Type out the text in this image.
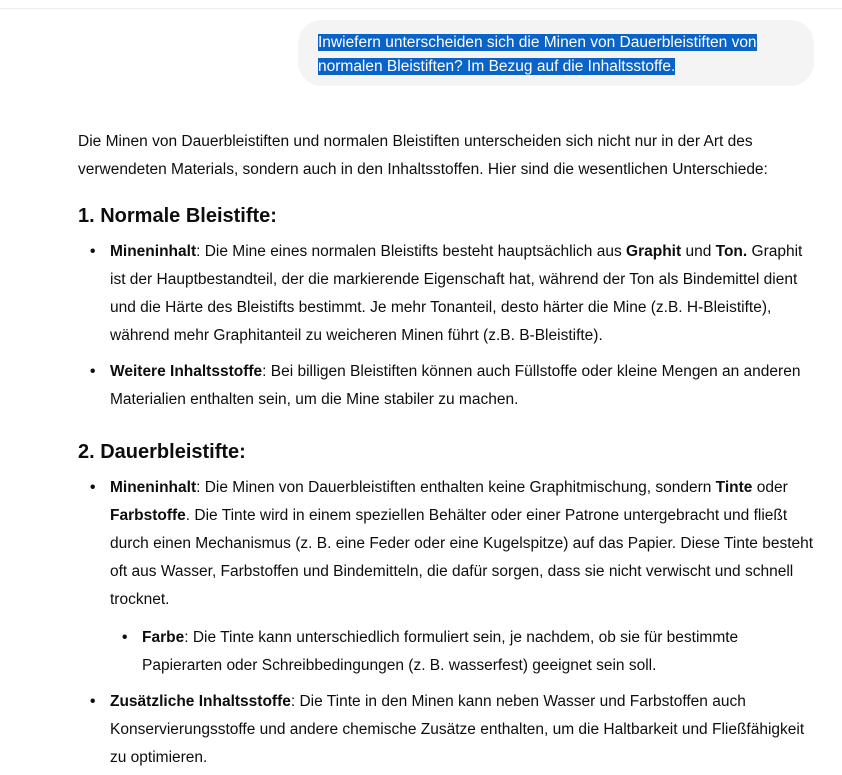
Inwiefern unterscheiden sich die Minen von Dauerbleistiften von
normalen Bleistiften? Im Bezug auf die Inhaltsstoffe.

Die Minen von Dauerbleistiften und normalen Bleistiften unterscheiden sich nicht nur in der Art des verwendeten Materials, sondern auch in den Inhaltsstoffen. Hier sind die wesentlichen Unterschiede:

1. Normale Bleistifte:
• Mineninhalt: Die Mine eines normalen Bleistifts besteht hauptsächlich aus Graphit und Ton. Graphit ist der Hauptbestandteil, der die markierende Eigenschaft hat, während der Ton als Bindemittel dient und die Härte des Bleistifts bestimmt. Je mehr Tonanteil, desto härter die Mine (z.B. H-Bleistifte), während mehr Graphitanteil zu weicheren Minen führt (z.B. B-Bleistifte).
• Weitere Inhaltsstoffe: Bei billigen Bleistiften können auch Füllstoffe oder kleine Mengen an anderen Materialien enthalten sein, um die Mine stabiler zu machen.
2. Dauerbleistifte:
• Mineninhalt: Die Minen von Dauerbleistiften enthalten keine Graphitmischung, sondern Tinte oder Farbstoffe. Die Tinte wird in einem speziellen Behälter oder einer Patrone untergebracht und fließt durch einen Mechanismus (z. B. eine Feder oder eine Kugelspitze) auf das Papier. Diese Tinte besteht oft aus Wasser, Farbstoffen und Bindemitteln, die dafür sorgen, dass sie nicht verwischt und schnell trocknet.
• Farbe: Die Tinte kann unterschiedlich formuliert sein, je nachdem, ob sie für bestimmte Papierarten oder Schreibbedingungen (z. B. wasserfest) geeignet sein soll.
• Zusätzliche Inhaltsstoffe: Die Tinte in den Minen kann neben Wasser und Farbstoffen auch Konservierungsstoffe und andere chemische Zusätze enthalten, um die Haltbarkeit und Fließfähigkeit zu optimieren.
